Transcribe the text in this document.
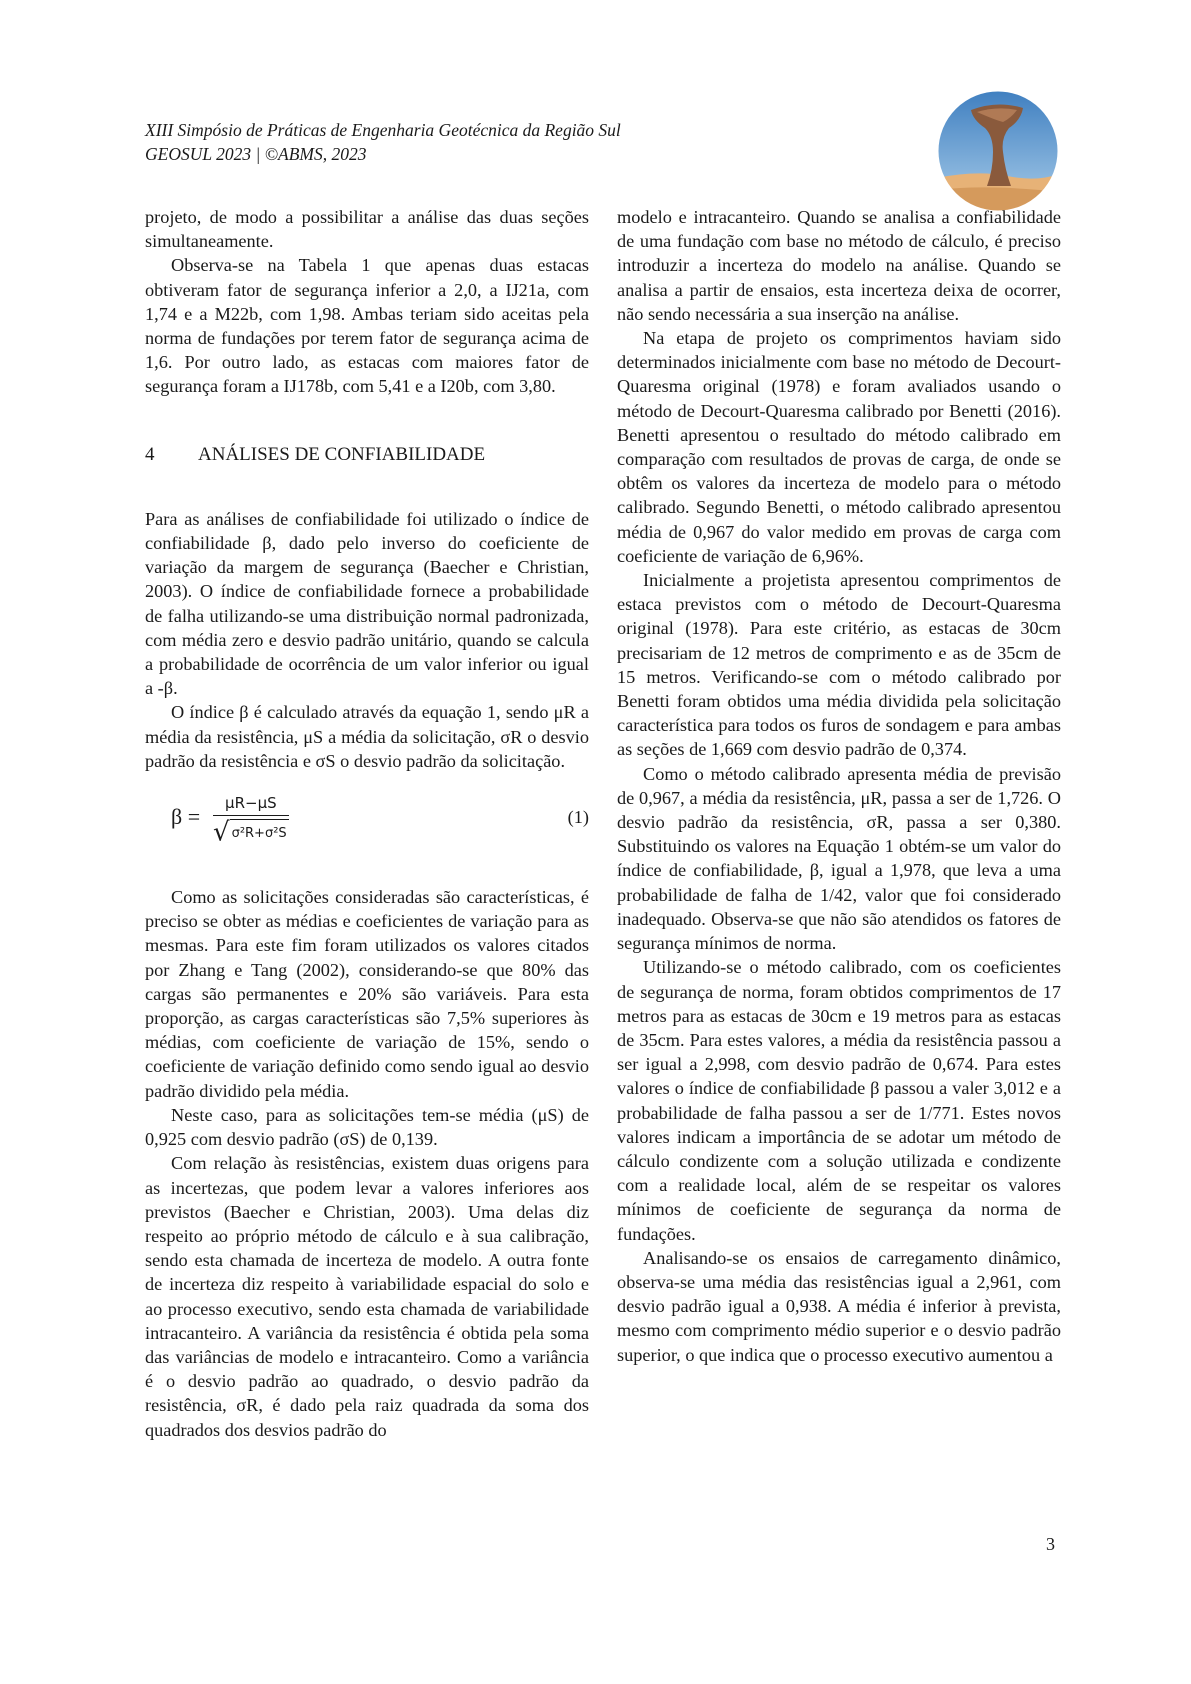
XIII Simpósio de Práticas de Engenharia Geotécnica da Região Sul
GEOSUL 2023 | ©ABMS, 2023

projeto, de modo a possibilitar a análise das duas seções simultaneamente.

Observa-se na Tabela 1 que apenas duas estacas obtiveram fator de segurança inferior a 2,0, a IJ21a, com 1,74 e a M22b, com 1,98. Ambas teriam sido aceitas pela norma de fundações por terem fator de segurança acima de 1,6. Por outro lado, as estacas com maiores fator de segurança foram a IJ178b, com 5,41 e a I20b, com 3,80.

4 ANÁLISES DE CONFIABILIDADE

Para as análises de confiabilidade foi utilizado o índice de confiabilidade β, dado pelo inverso do coeficiente de variação da margem de segurança (Baecher e Christian, 2003). O índice de confiabilidade fornece a probabilidade de falha utilizando-se uma distribuição normal padronizada, com média zero e desvio padrão unitário, quando se calcula a probabilidade de ocorrência de um valor inferior ou igual a -β.

O índice β é calculado através da equação 1, sendo μR a média da resistência, μS a média da solicitação, σR o desvio padrão da resistência e σS o desvio padrão da solicitação.

$\beta = \frac{\mu R-\mu S}{\text{√ σ²R+σ²S}}$	(1)

Como as solicitações consideradas são características, é preciso se obter as médias e coeficientes de variação para as mesmas. Para este fim foram utilizados os valores citados por Zhang e Tang (2002), considerando-se que 80% das cargas são permanentes e 20% são variáveis. Para esta proporção, as cargas características são 7,5% superiores às médias, com coeficiente de variação de 15%, sendo o coeficiente de variação definido como sendo igual ao desvio padrão dividido pela média.

Neste caso, para as solicitações tem-se média (μS) de 0,925 com desvio padrão (σS) de 0,139.

Com relação às resistências, existem duas origens para as incertezas, que podem levar a valores inferiores aos previstos (Baecher e Christian, 2003). Uma delas diz respeito ao próprio método de cálculo e à sua calibração, sendo esta chamada de incerteza de modelo. A outra fonte de incerteza diz respeito à variabilidade espacial do solo e ao processo executivo, sendo esta chamada de variabilidade intracanteiro. A variância da resistência é obtida pela soma das variâncias de modelo e intracanteiro. Como a variância é o desvio padrão ao quadrado, o desvio padrão da resistência, σR, é dado pela raiz quadrada da soma dos quadrados dos desvios padrão do

modelo e intracanteiro. Quando se analisa a confiabilidade de uma fundação com base no método de cálculo, é preciso introduzir a incerteza do modelo na análise. Quando se analisa a partir de ensaios, esta incerteza deixa de ocorrer, não sendo necessária a sua inserção na análise.

Na etapa de projeto os comprimentos haviam sido determinados inicialmente com base no método de Decourt-Quaresma original (1978) e foram avaliados usando o método de Decourt-Quaresma calibrado por Benetti (2016). Benetti apresentou o resultado do método calibrado em comparação com resultados de provas de carga, de onde se obtêm os valores da incerteza de modelo para o método calibrado. Segundo Benetti, o método calibrado apresentou média de 0,967 do valor medido em provas de carga com coeficiente de variação de 6,96%.

Inicialmente a projetista apresentou comprimentos de estaca previstos com o método de Decourt-Quaresma original (1978). Para este critério, as estacas de 30cm precisariam de 12 metros de comprimento e as de 35cm de 15 metros. Verificando-se com o método calibrado por Benetti foram obtidos uma média dividida pela solicitação característica para todos os furos de sondagem e para ambas as seções de 1,669 com desvio padrão de 0,374.

Como o método calibrado apresenta média de previsão de 0,967, a média da resistência, μR, passa a ser de 1,726. O desvio padrão da resistência, σR, passa a ser 0,380. Substituindo os valores na Equação 1 obtém-se um valor do índice de confiabilidade, β, igual a 1,978, que leva a uma probabilidade de falha de 1/42, valor que foi considerado inadequado. Observa-se que não são atendidos os fatores de segurança mínimos de norma.

Utilizando-se o método calibrado, com os coeficientes de segurança de norma, foram obtidos comprimentos de 17 metros para as estacas de 30cm e 19 metros para as estacas de 35cm. Para estes valores, a média da resistência passou a ser igual a 2,998, com desvio padrão de 0,674. Para estes valores o índice de confiabilidade β passou a valer 3,012 e a probabilidade de falha passou a ser de 1/771. Estes novos valores indicam a importância de se adotar um método de cálculo condizente com a solução utilizada e condizente com a realidade local, além de se respeitar os valores mínimos de coeficiente de segurança da norma de fundações.

Analisando-se os ensaios de carregamento dinâmico, observa-se uma média das resistências igual a 2,961, com desvio padrão igual a 0,938. A média é inferior à prevista, mesmo com comprimento médio superior e o desvio padrão superior, o que indica que o processo executivo aumentou a

3
